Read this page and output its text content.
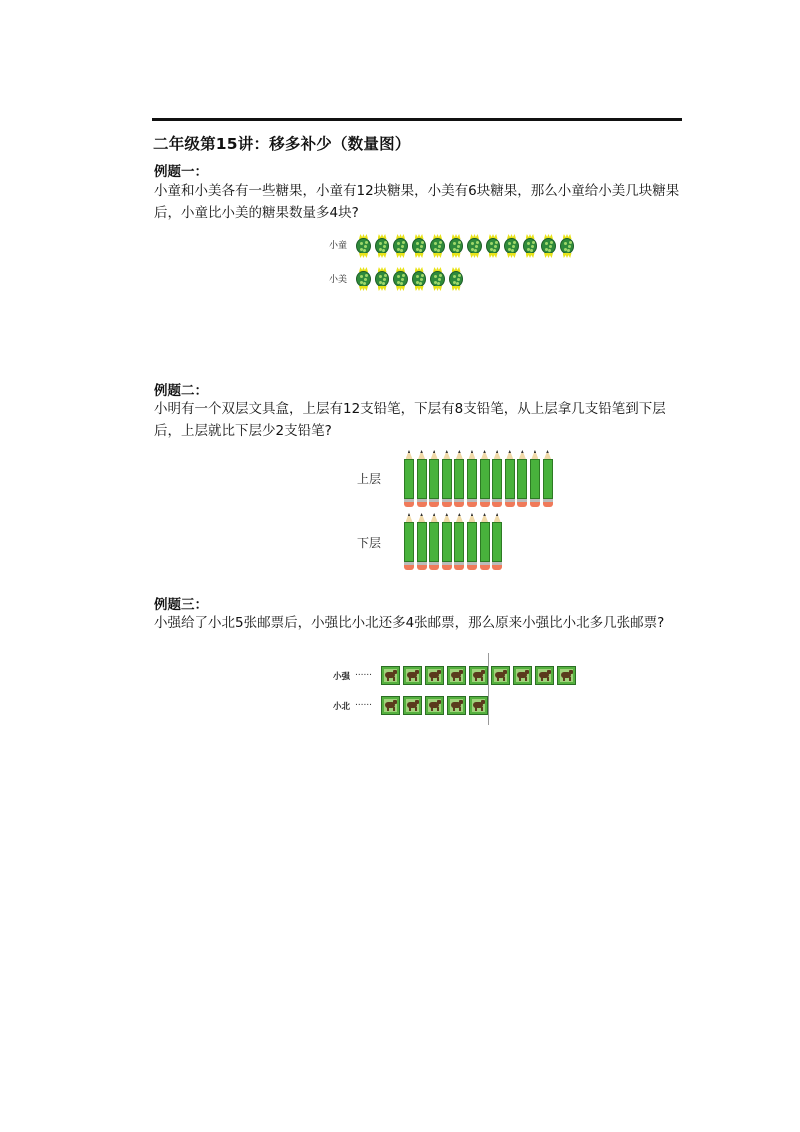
二年级第15讲：移多补少（数量图）
例题一：
小童和小美各有一些糖果，小童有12块糖果，小美有6块糖果，那么小童给小美几块糖果后，小童比小美的糖果数量多4块?
小童
小美
例题二：
小明有一个双层文具盒，上层有12支铅笔，下层有8支铅笔，从上层拿几支铅笔到下层后，上层就比下层少2支铅笔?
上层
下层
例题三：
小强给了小北5张邮票后，小强比小北还多4张邮票，那么原来小强比小北多几张邮票?
小强 ……
小北 ……
